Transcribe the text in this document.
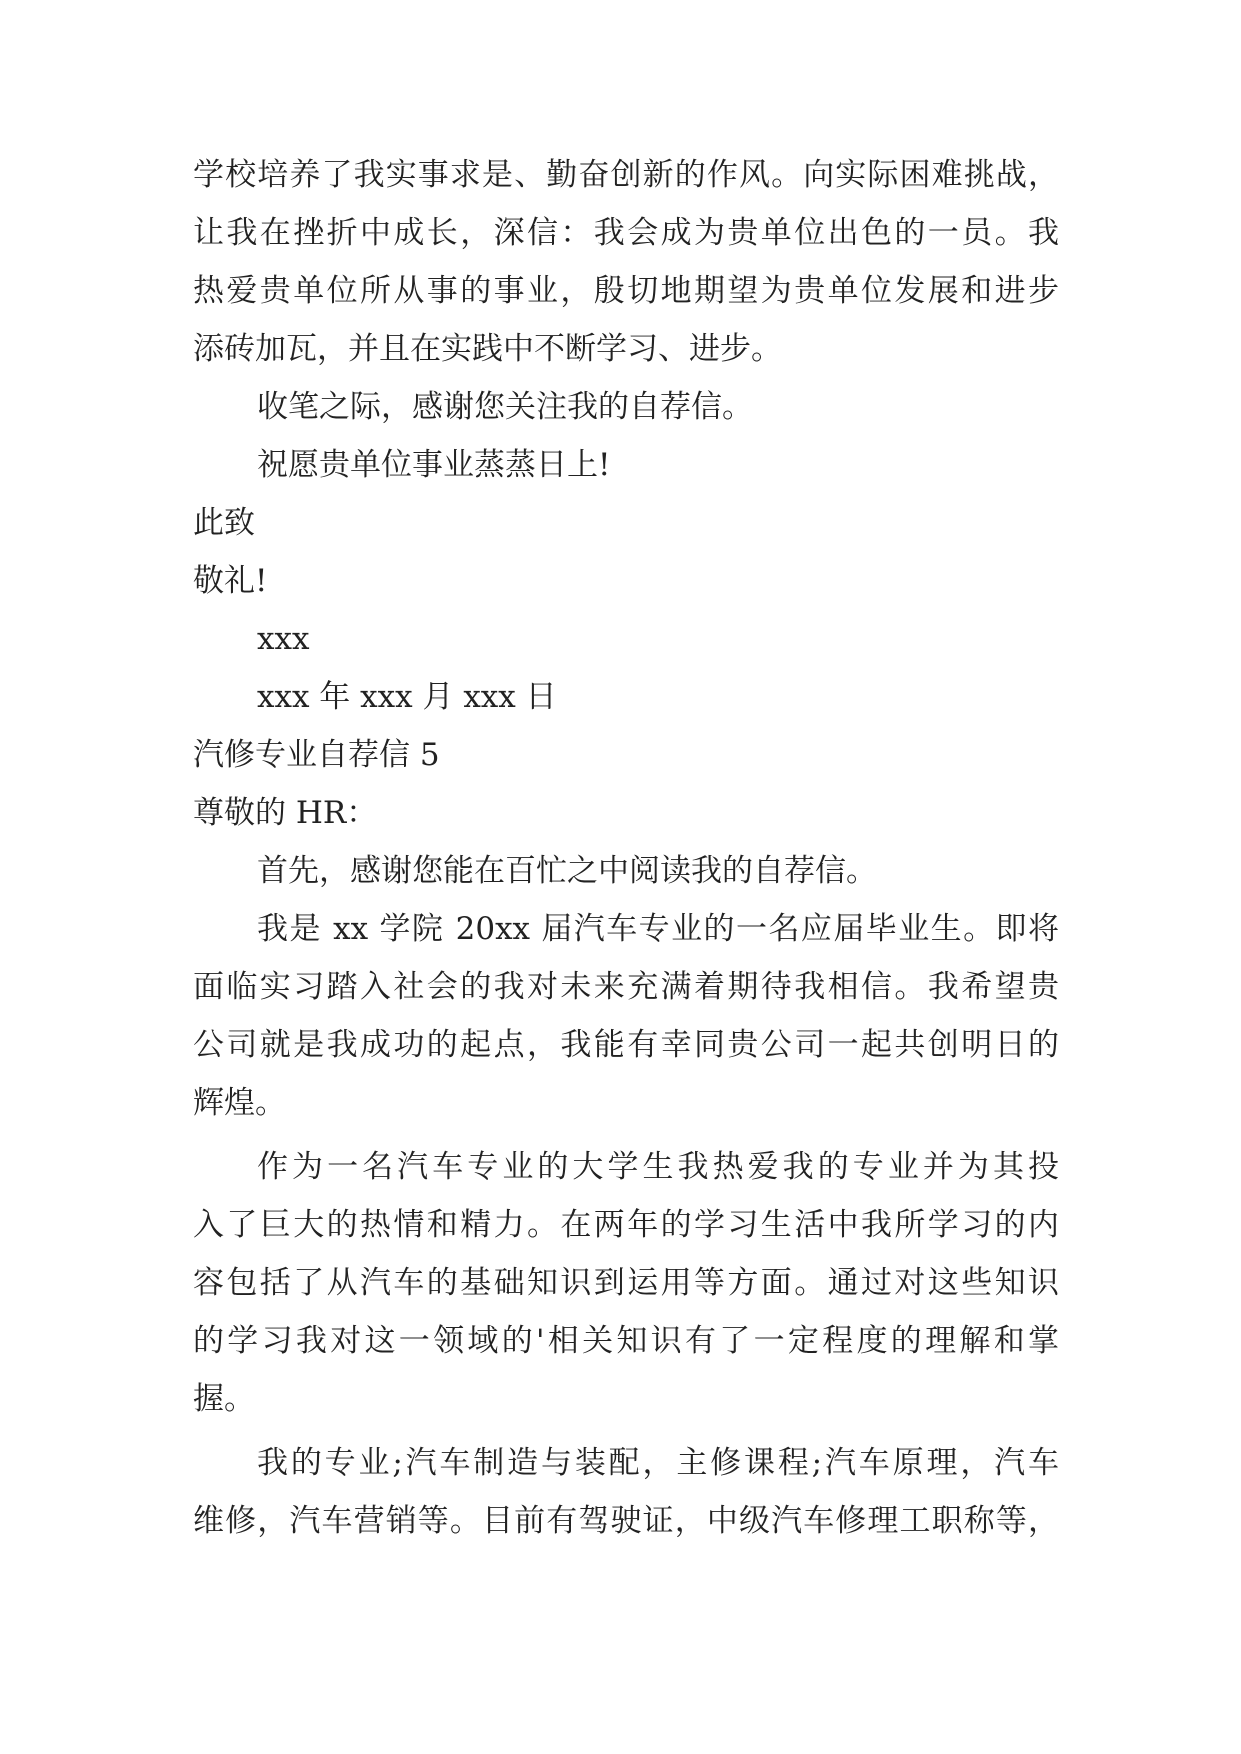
学校培养了我实事求是、勤奋创新的作风。向实际困难挑战，
让我在挫折中成长，深信：我会成为贵单位出色的一员。我
热爱贵单位所从事的事业，殷切地期望为贵单位发展和进步
添砖加瓦，并且在实践中不断学习、进步。

收笔之际，感谢您关注我的自荐信。

祝愿贵单位事业蒸蒸日上!

此致

敬礼!

xxx

xxx 年 xxx 月 xxx 日

汽修专业自荐信 5

尊敬的 HR：

首先，感谢您能在百忙之中阅读我的自荐信。

我是 xx 学院 20xx 届汽车专业的一名应届毕业生。即将
面临实习踏入社会的我对未来充满着期待我相信。我希望贵
公司就是我成功的起点，我能有幸同贵公司一起共创明日的
辉煌。
作为一名汽车专业的大学生我热爱我的专业并为其投
入了巨大的热情和精力。在两年的学习生活中我所学习的内
容包括了从汽车的基础知识到运用等方面。通过对这些知识
的学习我对这一领域的'相关知识有了一定程度的理解和掌
握。
我的专业;汽车制造与装配，主修课程;汽车原理，汽车
维修，汽车营销等。目前有驾驶证，中级汽车修理工职称等，
